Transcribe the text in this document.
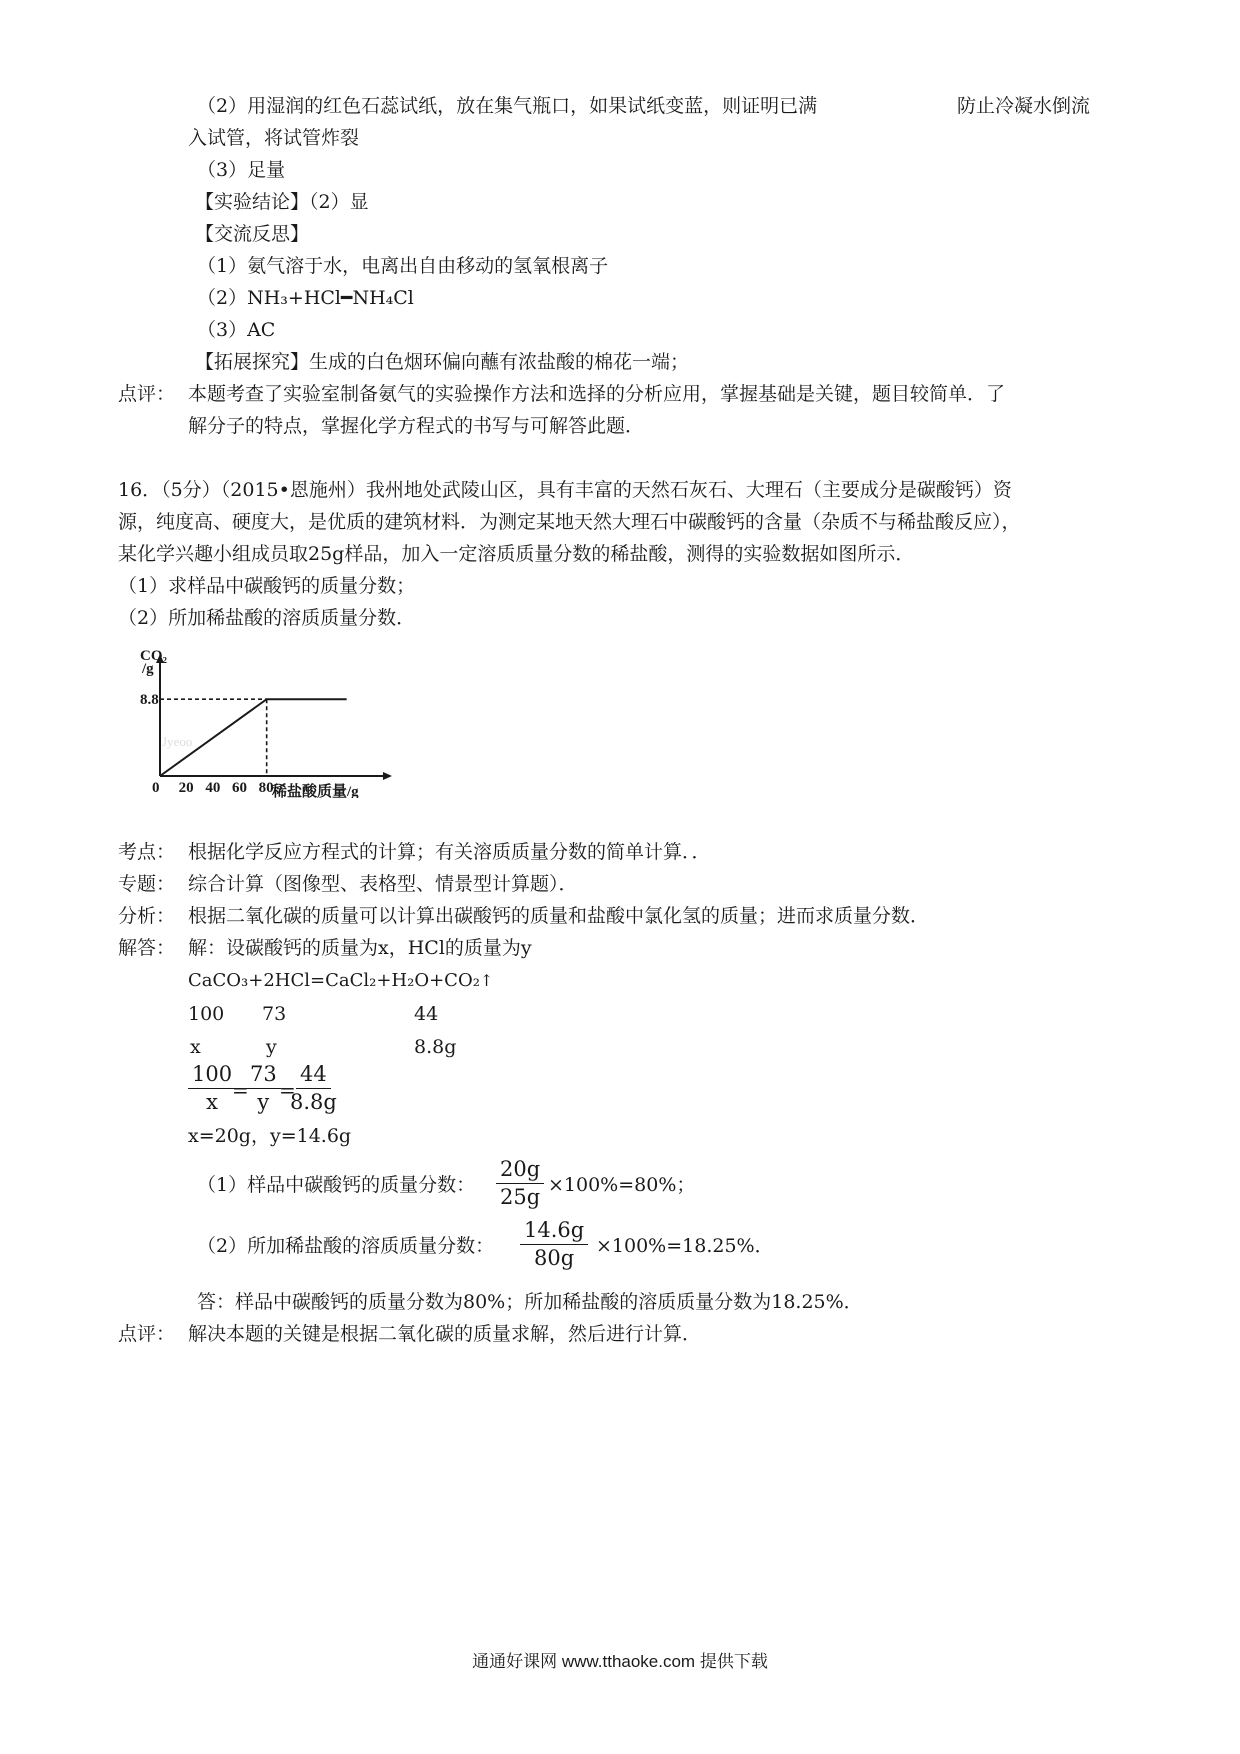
（2）用湿润的红色石蕊试纸，放在集气瓶口，如果试纸变蓝，则证明已满	防止冷凝水倒流
入试管，将试管炸裂
（3）足量
【实验结论】（2）显
【交流反思】
（1）氨气溶于水，电离出自由移动的氢氧根离子
（2）NH₃+HCl━NH₄Cl
（3）AC
【拓展探究】生成的白色烟环偏向蘸有浓盐酸的棉花一端；
点评： 本题考查了实验室制备氨气的实验操作方法和选择的分析应用，掌握基础是关键，题目较简单．了
解分子的特点，掌握化学方程式的书写与可解答此题．
16．（5分）（2015•恩施州）我州地处武陵山区，具有丰富的天然石灰石、大理石（主要成分是碳酸钙）资
源，纯度高、硬度大，是优质的建筑材料．为测定某地天然大理石中碳酸钙的含量（杂质不与稀盐酸反应），
某化学兴趣小组成员取25g样品，加入一定溶质质量分数的稀盐酸，测得的实验数据如图所示．
（1）求样品中碳酸钙的质量分数；
（2）所加稀盐酸的溶质质量分数．
Jyeoo
CO₂
/g
8.8
0 20 40 60 80
稀盐酸质量/g
考点： 根据化学反应方程式的计算；有关溶质质量分数的简单计算．．
专题： 综合计算（图像型、表格型、情景型计算题）．
分析： 根据二氧化碳的质量可以计算出碳酸钙的质量和盐酸中氯化氢的质量；进而求质量分数．
解答： 解：设碳酸钙的质量为x，HCl的质量为y
CaCO₃+2HCl=CaCl₂+H₂O+CO₂↑
100 73	44
x	y	8.8g
$\frac{100}{x}$
=
$\frac{73}{y}$
=
$\frac{44}{8.8g}$
x=20g，y=14.6g
（1）样品中碳酸钙的质量分数： $\frac{20g}{25g} \times 100\%=80\%$；
（2）所加稀盐酸的溶质质量分数： $\frac{14.6g}{80g} \times 100\%=18.25\%$．
答：样品中碳酸钙的质量分数为80%；所加稀盐酸的溶质质量分数为18.25%．
点评： 解决本题的关键是根据二氧化碳的质量求解，然后进行计算．
通通好课网 www.tthaoke.com 提供下载
